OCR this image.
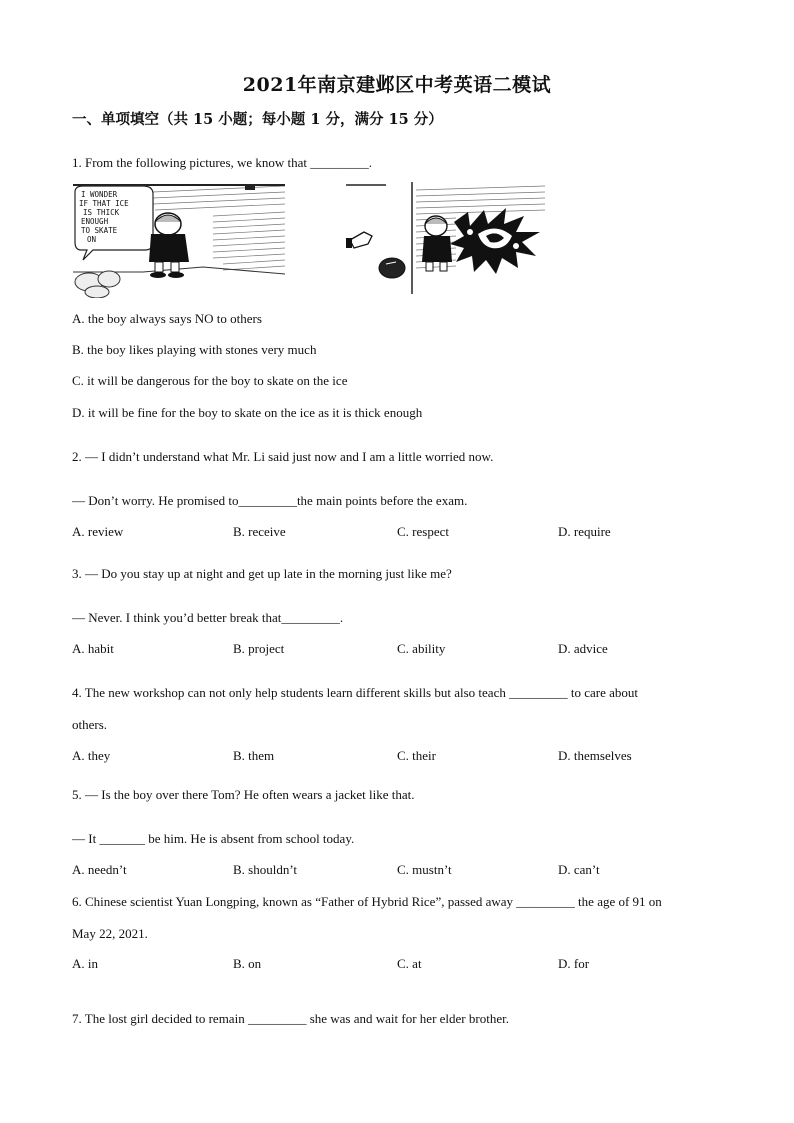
2021年南京建邺区中考英语二模试
一、单项填空（共 15 小题；每小题 1 分，满分 15 分）
1. From the following pictures, we know that _________.
I WONDER
IF THAT ICE
IS THICK
ENOUGH
TO SKATE
ON
A. the boy always says NO to others
B. the boy likes playing with stones very much
C. it will be dangerous for the boy to skate on the ice
D. it will be fine for the boy to skate on the ice as it is thick enough
2. — I didn’t understand what Mr. Li said just now and I am a little worried now.
— Don’t worry. He promised to_________the main points before the exam.
A. review	B. receive	C. respect	D. require
3. — Do you stay up at night and get up late in the morning just like me?
— Never. I think you’d better break that_________.
A. habit	B. project	C. ability	D. advice
4. The new workshop can not only help students learn different skills but also teach _________ to care about
others.
A. they	B. them	C. their	D. themselves
5. — Is the boy over there Tom? He often wears a jacket like that.
— It _______ be him. He is absent from school today.
A. needn’t	B. shouldn’t	C. mustn’t	D. can’t
6. Chinese scientist Yuan Longping, known as “Father of Hybrid Rice”, passed away _________ the age of 91 on
May 22, 2021.
A. in	B. on	C. at	D. for
7. The lost girl decided to remain _________ she was and wait for her elder brother.
